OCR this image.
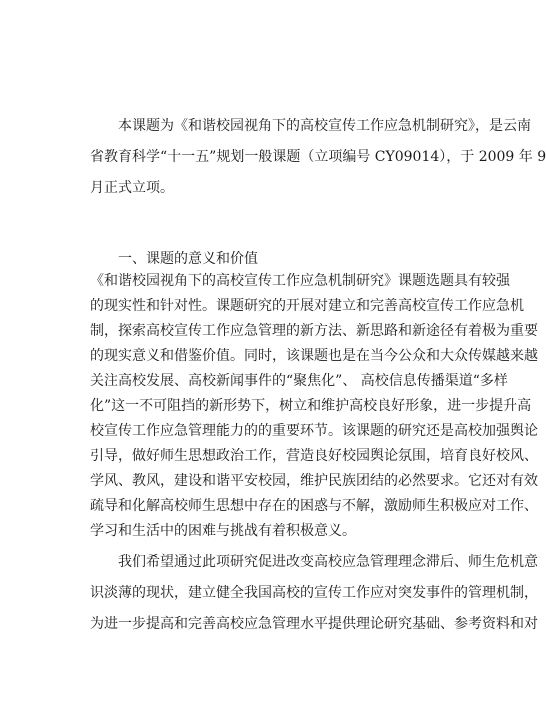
本课题为《和谐校园视角下的高校宣传工作应急机制研究》，是云南
省教育科学“十一五”规划一般课题（立项编号 CY09014），于 2009 年 9
月正式立项。
一、课题的意义和价值
《和谐校园视角下的高校宣传工作应急机制研究》课题选题具有较强
的现实性和针对性。课题研究的开展对建立和完善高校宣传工作应急机
制，探索高校宣传工作应急管理的新方法、新思路和新途径有着极为重要
的现实意义和借鉴价值。同时，该课题也是在当今公众和大众传媒越来越
关注高校发展、高校新闻事件的“聚焦化”、 高校信息传播渠道“多样
化”这一不可阻挡的新形势下，树立和维护高校良好形象，进一步提升高
校宣传工作应急管理能力的的重要环节。该课题的研究还是高校加强舆论
引导，做好师生思想政治工作，营造良好校园舆论氛围，培育良好校风、
学风、教风，建设和谐平安校园，维护民族团结的必然要求。它还对有效
疏导和化解高校师生思想中存在的困惑与不解，激励师生积极应对工作、
学习和生活中的困难与挑战有着积极意义。
我们希望通过此项研究促进改变高校应急管理理念滞后、师生危机意
识淡薄的现状，建立健全我国高校的宣传工作应对突发事件的管理机制，
为进一步提高和完善高校应急管理水平提供理论研究基础、参考资料和对
